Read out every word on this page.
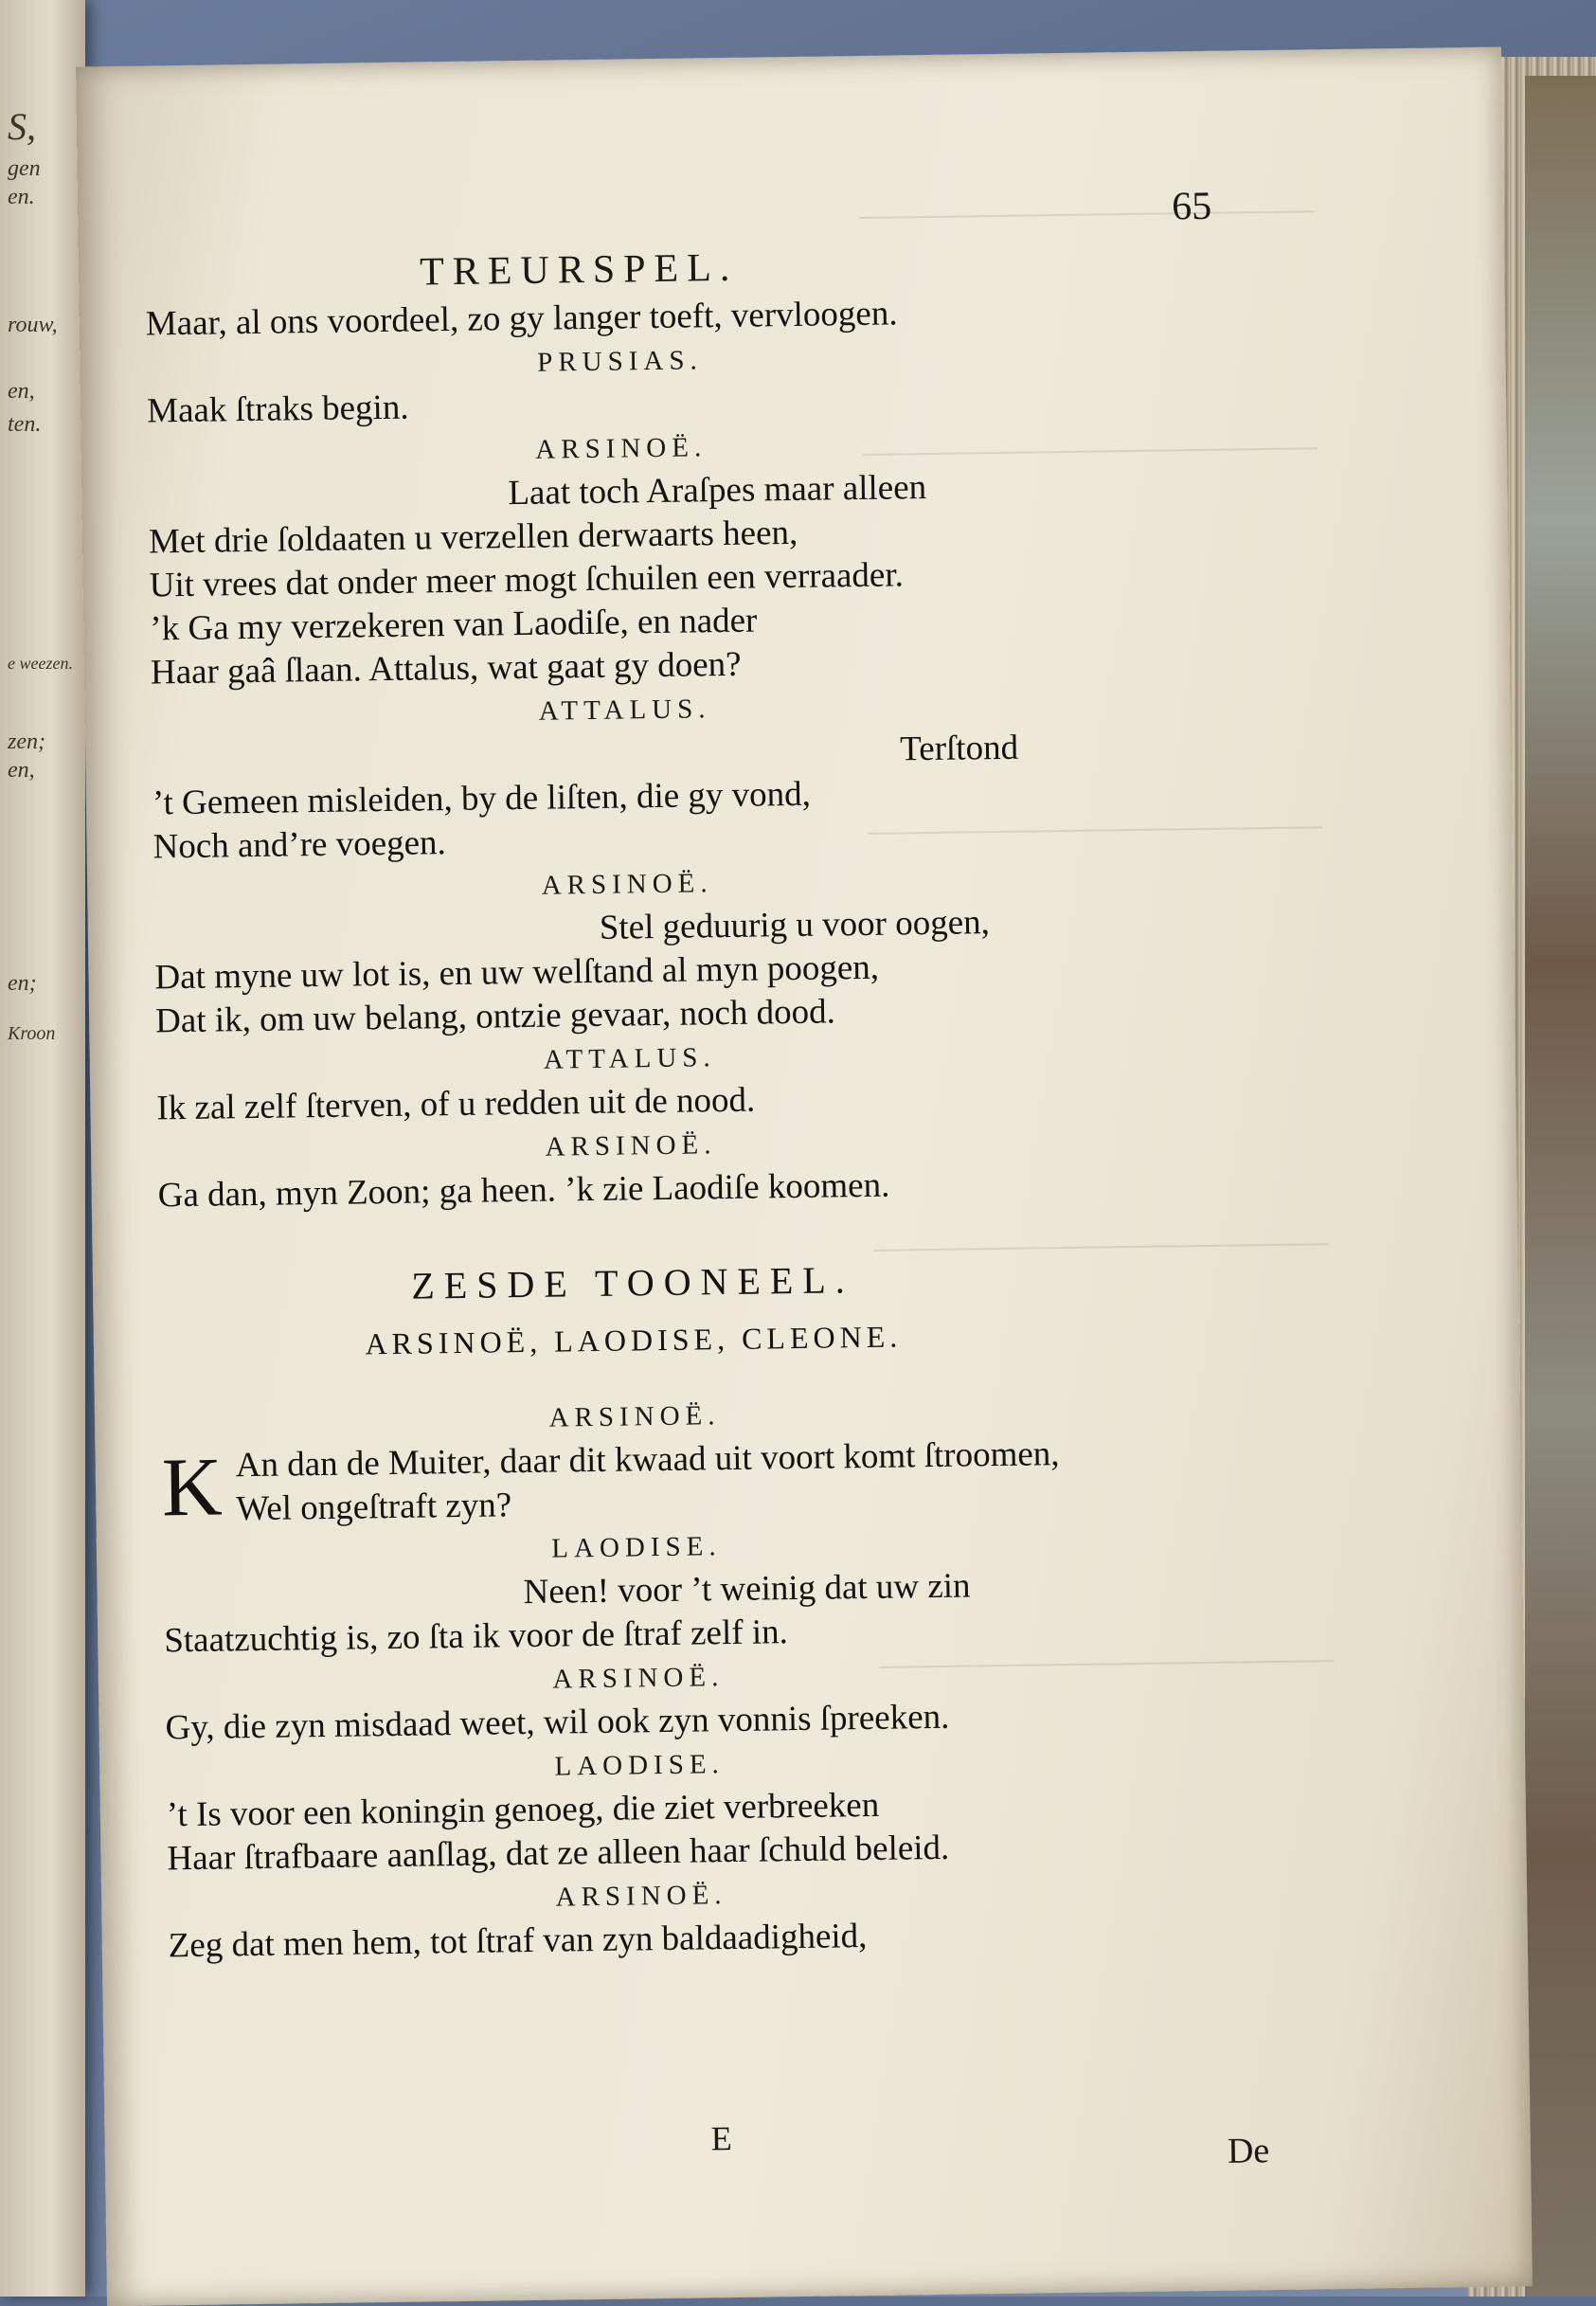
S,
gen
en.
rouw,
en,
ten.
e weezen.
zen;
en,
en;
Kroon
65
TREURSPEL.
Maar, al ons voordeel, zo gy langer toeft, vervloogen.
PRUSIAS.
Maak ſtraks begin.
ARSINOË.
Laat toch Araſpes maar alleen
Met drie ſoldaaten u verzellen derwaarts heen,
Uit vrees dat onder meer mogt ſchuilen een verraader.
’k Ga my verzekeren van Laodiſe, en nader
Haar gaâ ſlaan. Attalus, wat gaat gy doen?
ATTALUS.
Terſtond
’t Gemeen misleiden, by de liſten, die gy vond,
Noch and’re voegen.
ARSINOË.
Stel geduurig u voor oogen,
Dat myne uw lot is, en uw welſtand al myn poogen,
Dat ik, om uw belang, ontzie gevaar, noch dood.
ATTALUS.
Ik zal zelf ſterven, of u redden uit de nood.
ARSINOË.
Ga dan, myn Zoon; ga heen. ’k zie Laodiſe koomen.
ZESDE TOONEEL.
ARSINOË, LAODISE, CLEONE.
ARSINOË.
K An dan de Muiter, daar dit kwaad uit voort komt ſtroomen,
Wel ongeſtraft zyn?
LAODISE.
Neen! voor ’t weinig dat uw zin
Staatzuchtig is, zo ſta ik voor de ſtraf zelf in.
ARSINOË.
Gy, die zyn misdaad weet, wil ook zyn vonnis ſpreeken.
LAODISE.
’t Is voor een koningin genoeg, die ziet verbreeken
Haar ſtrafbaare aanſlag, dat ze alleen haar ſchuld beleid.
ARSINOË.
Zeg dat men hem, tot ſtraf van zyn baldaadigheid,
E	De
